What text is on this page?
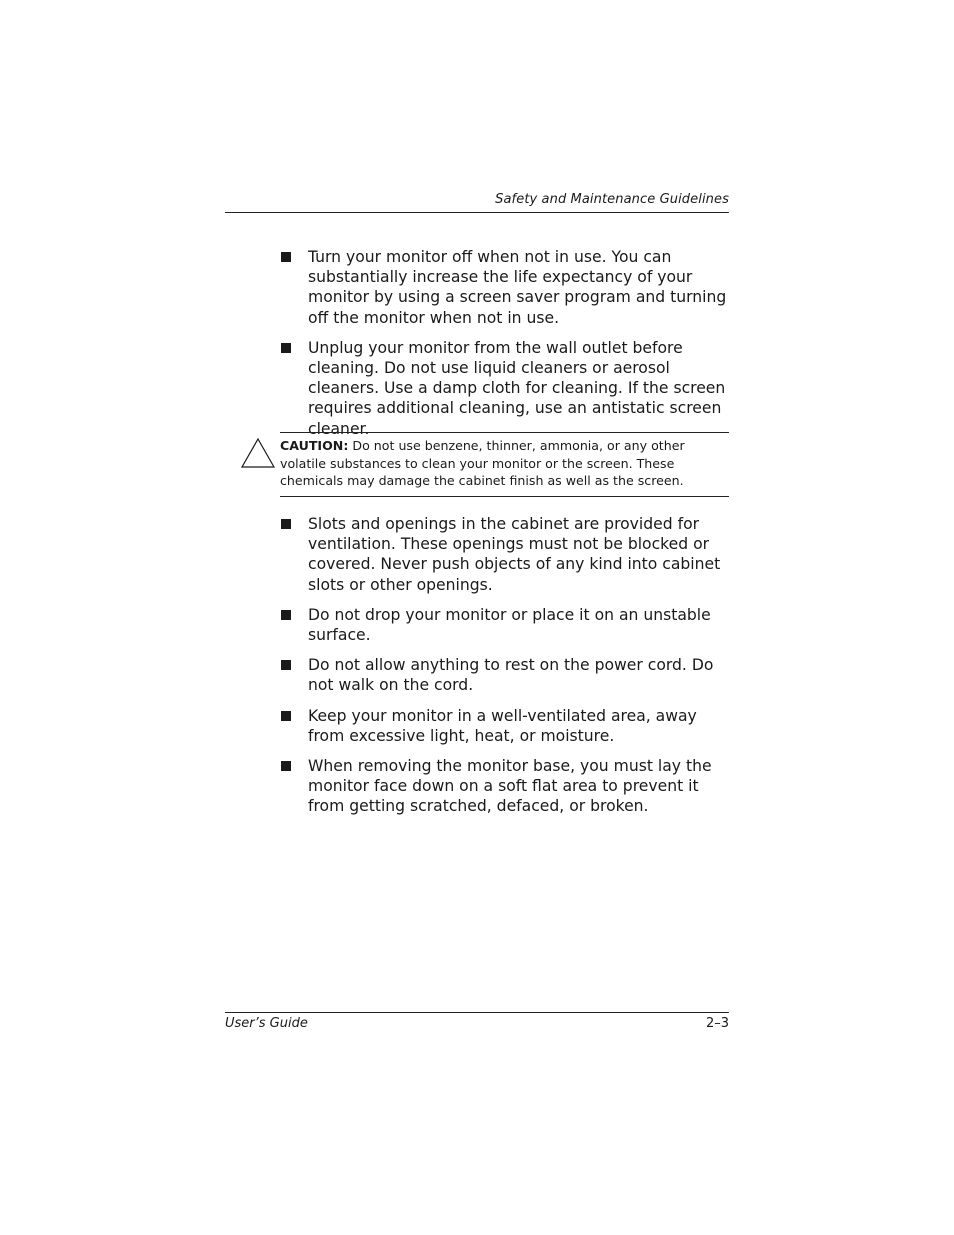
Safety and Maintenance Guidelines
Turn your monitor off when not in use. You can substantially increase the life expectancy of your monitor by using a screen saver program and turning off the monitor when not in use.
Unplug your monitor from the wall outlet before cleaning. Do not use liquid cleaners or aerosol cleaners. Use a damp cloth for cleaning. If the screen requires additional cleaning, use an antistatic screen cleaner.
CAUTION: Do not use benzene, thinner, ammonia, or any other volatile substances to clean your monitor or the screen. These chemicals may damage the cabinet finish as well as the screen.
Slots and openings in the cabinet are provided for ventilation. These openings must not be blocked or covered. Never push objects of any kind into cabinet slots or other openings.
Do not drop your monitor or place it on an unstable surface.
Do not allow anything to rest on the power cord. Do not walk on the cord.
Keep your monitor in a well-ventilated area, away from excessive light, heat, or moisture.
When removing the monitor base, you must lay the monitor face down on a soft flat area to prevent it from getting scratched, defaced, or broken.
User’s Guide	2–3
